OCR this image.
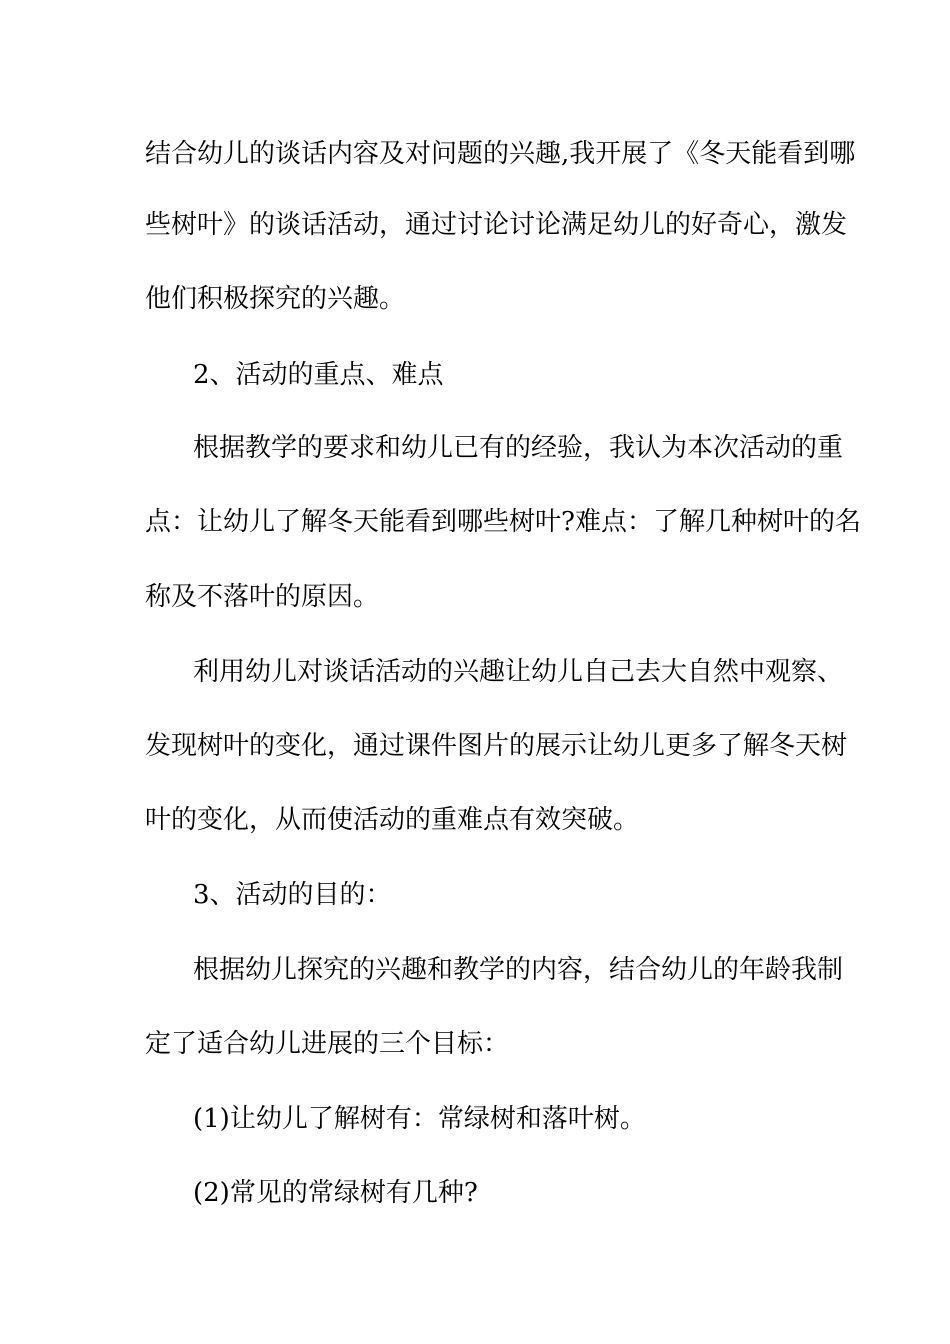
结合幼儿的谈话内容及对问题的兴趣,我开展了《冬天能看到哪
些树叶》的谈话活动，通过讨论讨论满足幼儿的好奇心，激发
他们积极探究的兴趣。
2、活动的重点、难点
根据教学的要求和幼儿已有的经验，我认为本次活动的重
点：让幼儿了解冬天能看到哪些树叶?难点：了解几种树叶的名
称及不落叶的原因。
利用幼儿对谈话活动的兴趣让幼儿自己去大自然中观察、
发现树叶的变化，通过课件图片的展示让幼儿更多了解冬天树
叶的变化，从而使活动的重难点有效突破。
3、活动的目的：
根据幼儿探究的兴趣和教学的内容，结合幼儿的年龄我制
定了适合幼儿进展的三个目标：
(1)让幼儿了解树有：常绿树和落叶树。
(2)常见的常绿树有几种?
